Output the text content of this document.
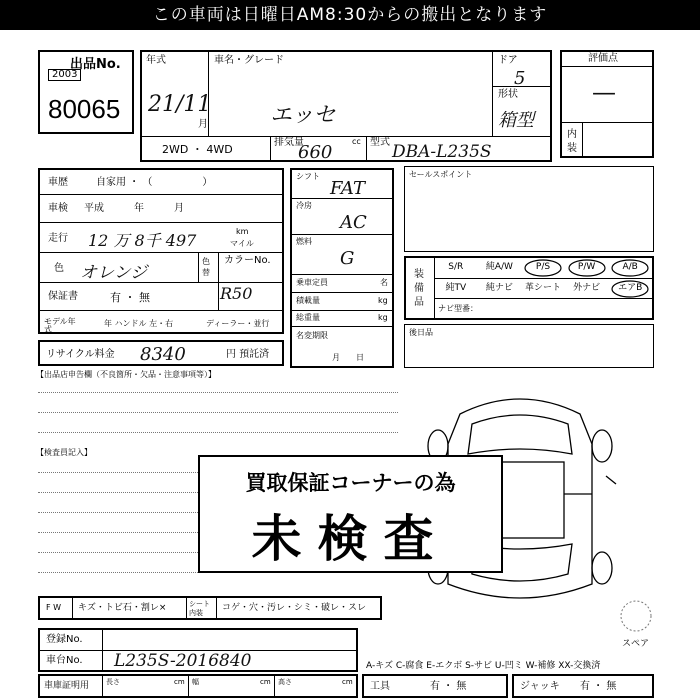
この車両は日曜日AM8:30からの搬出となります
出品No.
2003
80065
年式
21/11
月
車名・グレード
エッセ
ドア
5
形状
箱型
2WD ・ 4WD
排気量	cc
660	型式 DBA-L235S
評価点
—
内装
車歴	自家用 ・ （　　　　　）
車検 平成　　　年　　　月
走行 12 万 8千 497	km
マイル
色 オレンジ
色替
カラーNo.
保証書	有 ・ 無	R50
モデル年式
年 ハンドル 左・右	ディーラー・並行
シフト
FAT
冷房
AC
燃料
G
乗車定員	名
積載量	kg
総重量	kg
名変期限
月　　日
セールスポイント
装備品
S/R	純A/W	P/S	P/W	A/B
純TV	純ナビ	革シート	外ナビ	エアB
ナビ型番：
リサイクル料金 8340	円 預託済
後日品
【出品店申告欄（不良箇所・欠品・注意事項等）】
【検査員記入】
買取保証コーナーの為
未検査
F W キズ・トビ石・割レ×	シート内装	コゲ・穴・汚レ・シミ・破レ・スレ
スペア
登録No.
車台No. L235S-2016840	A-キズ C-腐食 E-エクボ S-サビ U-凹ミ W-補修 XX-交換済
車庫証明用 長さ	cm 幅	cm 高さ	cm 工具	有 ・ 無	ジャッキ 有 ・ 無
